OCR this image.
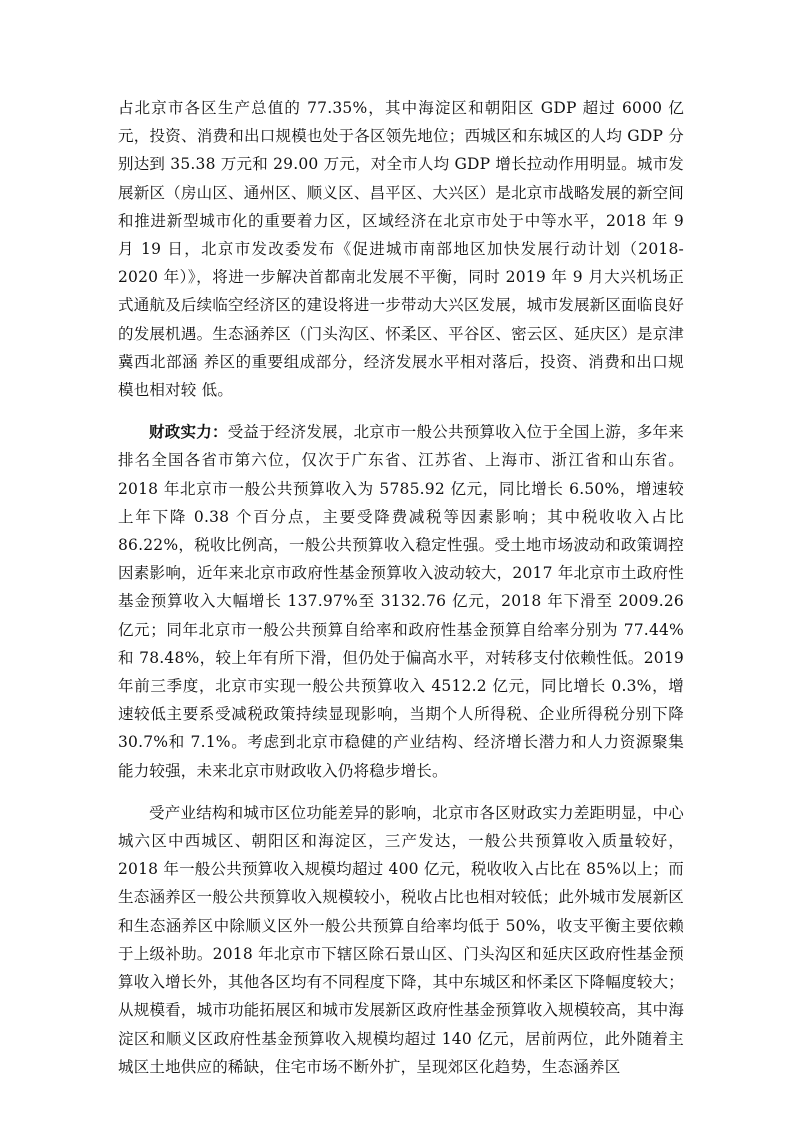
占北京市各区生产总值的 77.35%，其中海淀区和朝阳区 GDP 超过 6000 亿元，投资、消费和出口规模也处于各区领先地位；西城区和东城区的人均 GDP 分别达到 35.38 万元和 29.00 万元，对全市人均 GDP 增长拉动作用明显。城市发展新区（房山区、通州区、顺义区、昌平区、大兴区）是北京市战略发展的新空间和推进新型城市化的重要着力区，区域经济在北京市处于中等水平，2018 年 9 月 19 日，北京市发改委发布《促进城市南部地区加快发展行动计划（2018-2020 年）》，将进一步解决首都南北发展不平衡，同时 2019 年 9 月大兴机场正式通航及后续临空经济区的建设将进一步带动大兴区发展，城市发展新区面临良好的发展机遇。生态涵养区（门头沟区、怀柔区、平谷区、密云区、延庆区）是京津冀西北部涵 养区的重要组成部分，经济发展水平相对落后，投资、消费和出口规模也相对较 低。

财政实力：受益于经济发展，北京市一般公共预算收入位于全国上游，多年来排名全国各省市第六位，仅次于广东省、江苏省、上海市、浙江省和山东省。2018 年北京市一般公共预算收入为 5785.92 亿元，同比增长 6.50%，增速较上年下降 0.38 个百分点，主要受降费减税等因素影响；其中税收收入占比 86.22%，税收比例高，一般公共预算收入稳定性强。受土地市场波动和政策调控因素影响，近年来北京市政府性基金预算收入波动较大，2017 年北京市土政府性基金预算收入大幅增长 137.97%至 3132.76 亿元，2018 年下滑至 2009.26 亿元；同年北京市一般公共预算自给率和政府性基金预算自给率分别为 77.44%和 78.48%，较上年有所下滑，但仍处于偏高水平，对转移支付依赖性低。2019 年前三季度，北京市实现一般公共预算收入 4512.2 亿元，同比增长 0.3%，增速较低主要系受减税政策持续显现影响，当期个人所得税、企业所得税分别下降 30.7%和 7.1%。考虑到北京市稳健的产业结构、经济增长潜力和人力资源聚集能力较强，未来北京市财政收入仍将稳步增长。

受产业结构和城市区位功能差异的影响，北京市各区财政实力差距明显，中心城六区中西城区、朝阳区和海淀区，三产发达，一般公共预算收入质量较好，2018 年一般公共预算收入规模均超过 400 亿元，税收收入占比在 85%以上；而生态涵养区一般公共预算收入规模较小，税收占比也相对较低；此外城市发展新区和生态涵养区中除顺义区外一般公共预算自给率均低于 50%，收支平衡主要依赖于上级补助。2018 年北京市下辖区除石景山区、门头沟区和延庆区政府性基金预算收入增长外，其他各区均有不同程度下降，其中东城区和怀柔区下降幅度较大；从规模看，城市功能拓展区和城市发展新区政府性基金预算收入规模较高，其中海淀区和顺义区政府性基金预算收入规模均超过 140 亿元，居前两位，此外随着主城区土地供应的稀缺，住宅市场不断外扩，呈现郊区化趋势，生态涵养区
